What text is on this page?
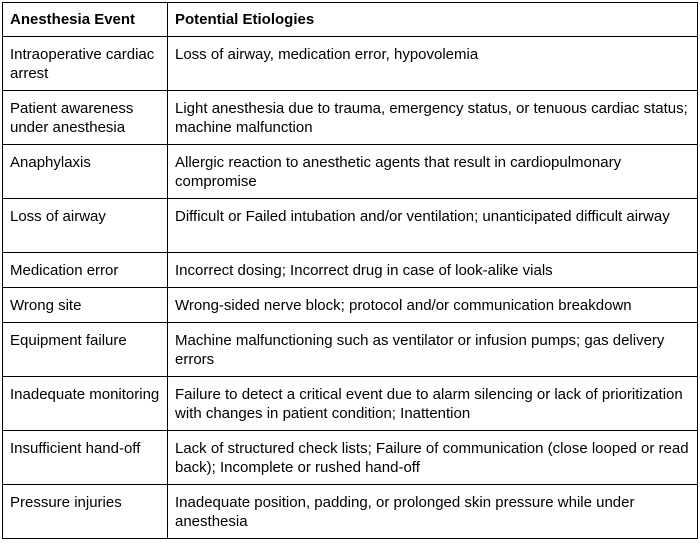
Anesthesia Event	Potential Etiologies
Intraoperative cardiac arrest	Loss of airway, medication error, hypovolemia
Patient awareness under anesthesia	Light anesthesia due to trauma, emergency status, or tenuous cardiac status; machine malfunction
Anaphylaxis	Allergic reaction to anesthetic agents that result in cardiopulmonary compromise
Loss of airway	Difficult or Failed intubation and/or ventilation; unanticipated difficult airway
Medication error	Incorrect dosing; Incorrect drug in case of look-alike vials
Wrong site	Wrong-sided nerve block; protocol and/or communication breakdown
Equipment failure	Machine malfunctioning such as ventilator or infusion pumps; gas delivery errors
Inadequate monitoring	Failure to detect a critical event due to alarm silencing or lack of prioritization with changes in patient condition; Inattention
Insufficient hand-off	Lack of structured check lists; Failure of communication (close looped or read back); Incomplete or rushed hand-off
Pressure injuries	Inadequate position, padding, or prolonged skin pressure while under anesthesia
